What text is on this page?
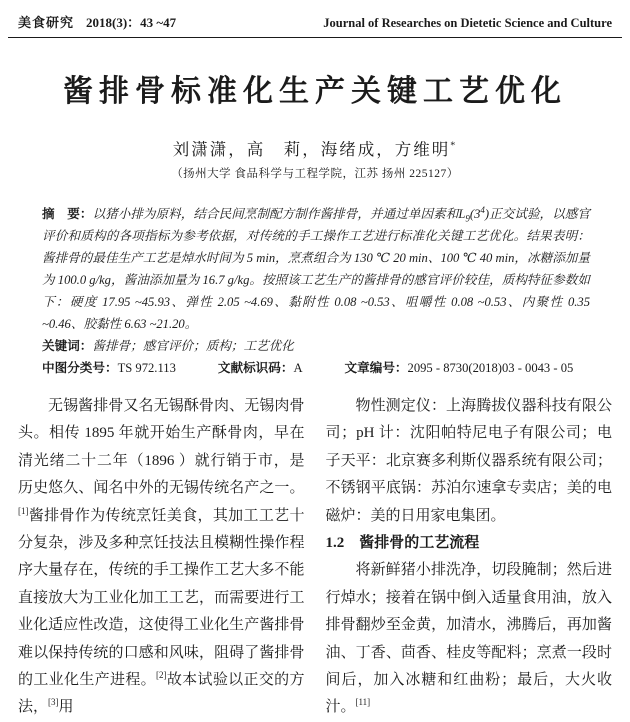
美食研究 2018(3)：43 ~47	Journal of Researches on Dietetic Science and Culture
酱排骨标准化生产关键工艺优化
刘潇潇，高　莉，海绪成，方维明*
（扬州大学 食品科学与工程学院，江苏 扬州 225127）
摘　要：以猪小排为原料，结合民间烹制配方制作酱排骨，并通过单因素和$L_9(3^4)$正交试验，以感官评价和质构的各项指标为参考依据，对传统的手工操作工艺进行标准化关键工艺优化。结果表明：酱排骨的最佳生产工艺是焯水时间为 5 min，烹煮组合为 130 ℃ 20 min、100 ℃ 40 min，冰糖添加量为 100.0 g/kg，酱油添加量为 16.7 g/kg。按照该工艺生产的酱排骨的感官评价较佳，质构特征参数如下：硬度 17.95 ~45.93、弹性 2.05 ~4.69、黏附性 0.08 ~0.53、咀嚼性 0.08 ~0.53、内聚性 0.35 ~0.46、胶黏性 6.63 ~21.20。
关键词：酱排骨；感官评价；质构；工艺优化
中图分类号：TS 972.113	文献标识码：A	文章编号：2095 - 8730(2018)03 - 0043 - 05

无锡酱排骨又名无锡酥骨肉、无锡肉骨头。相传 1895 年就开始生产酥骨肉，早在清光绪二十二年（1896 ）就行销于市，是历史悠久、闻名中外的无锡传统名产之一。[1]酱排骨作为传统烹饪美食，其加工工艺十分复杂，涉及多种烹饪技法且模糊性操作程序大量存在，传统的手工操作工艺大多不能直接放大为工业化加工工艺，而需要进行工业化适应性改造，这使得工业化生产酱排骨难以保持传统的口感和风味，阻碍了酱排骨的工业化生产进程。[2]故本试验以正交的方法，[3]用

物性测定仪：上海腾拔仪器科技有限公司；pH 计：沈阳帕特尼电子有限公司；电子天平：北京赛多利斯仪器系统有限公司；不锈钢平底锅：苏泊尔速拿专卖店；美的电磁炉：美的日用家电集团。

1.2　酱排骨的工艺流程

将新鲜猪小排洗净，切段腌制；然后进行焯水；接着在锅中倒入适量食用油，放入排骨翻炒至金黄，加清水，沸腾后，再加酱油、丁香、茴香、桂皮等配料；烹煮一段时间后，加入冰糖和红曲粉；最后，大火收汁。[11]
